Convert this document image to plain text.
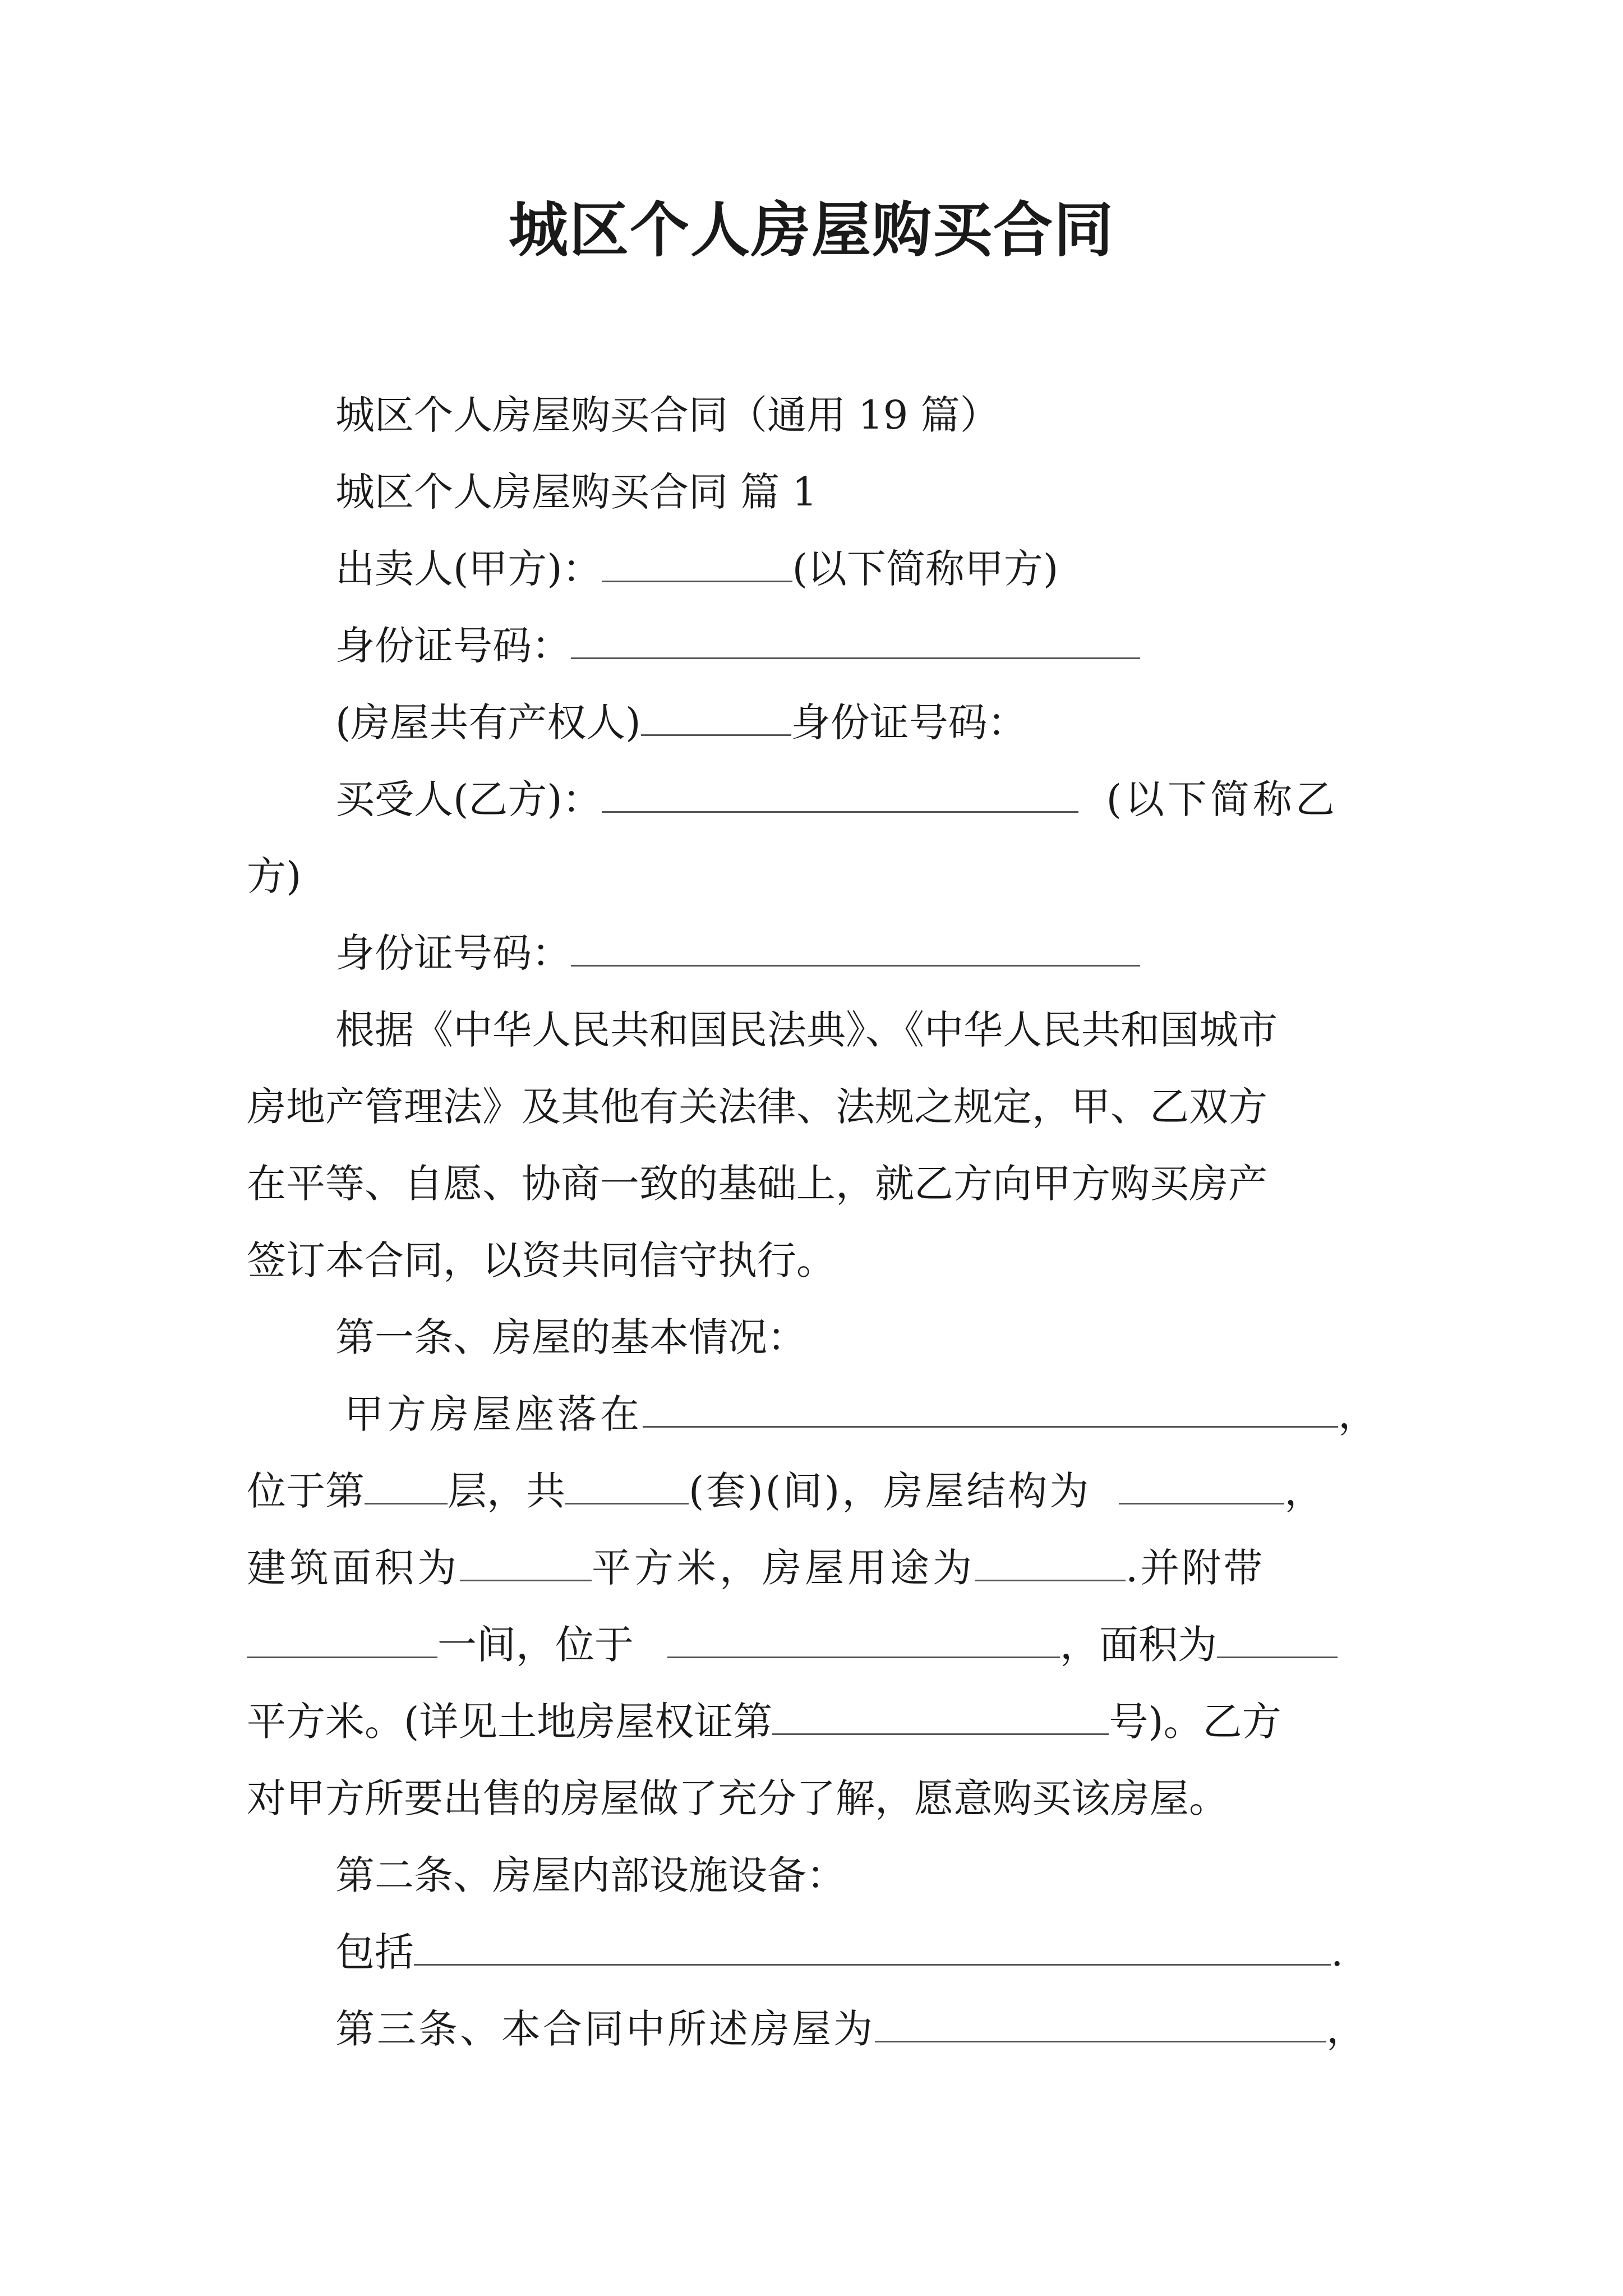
城区个人房屋购买合同
城区个人房屋购买合同（通用 19 篇）
城区个人房屋购买合同 篇 1
出卖人(甲方)：	(以下简称甲方)
身份证号码：
(房屋共有产权人)	身份证号码：
买受人(乙方)：	(以下简称乙
方)
身份证号码：
根据《中华人民共和国民法典》、《中华人民共和国城市
房地产管理法》及其他有关法律、法规之规定，甲、乙双方
在平等、自愿、协商一致的基础上，就乙方向甲方购买房产
签订本合同，以资共同信守执行。
第一条、房屋的基本情况：
甲方房屋座落在	，
位于第 层，共	(套)(间)，房屋结构为	，
建筑面积为	平方米，房屋用途为	.并附带
一间，位于	，面积为
平方米。(详见土地房屋权证第	号)。乙方
对甲方所要出售的房屋做了充分了解，愿意购买该房屋。
第二条、房屋内部设施设备：
包括	.
第三条、本合同中所述房屋为	，
